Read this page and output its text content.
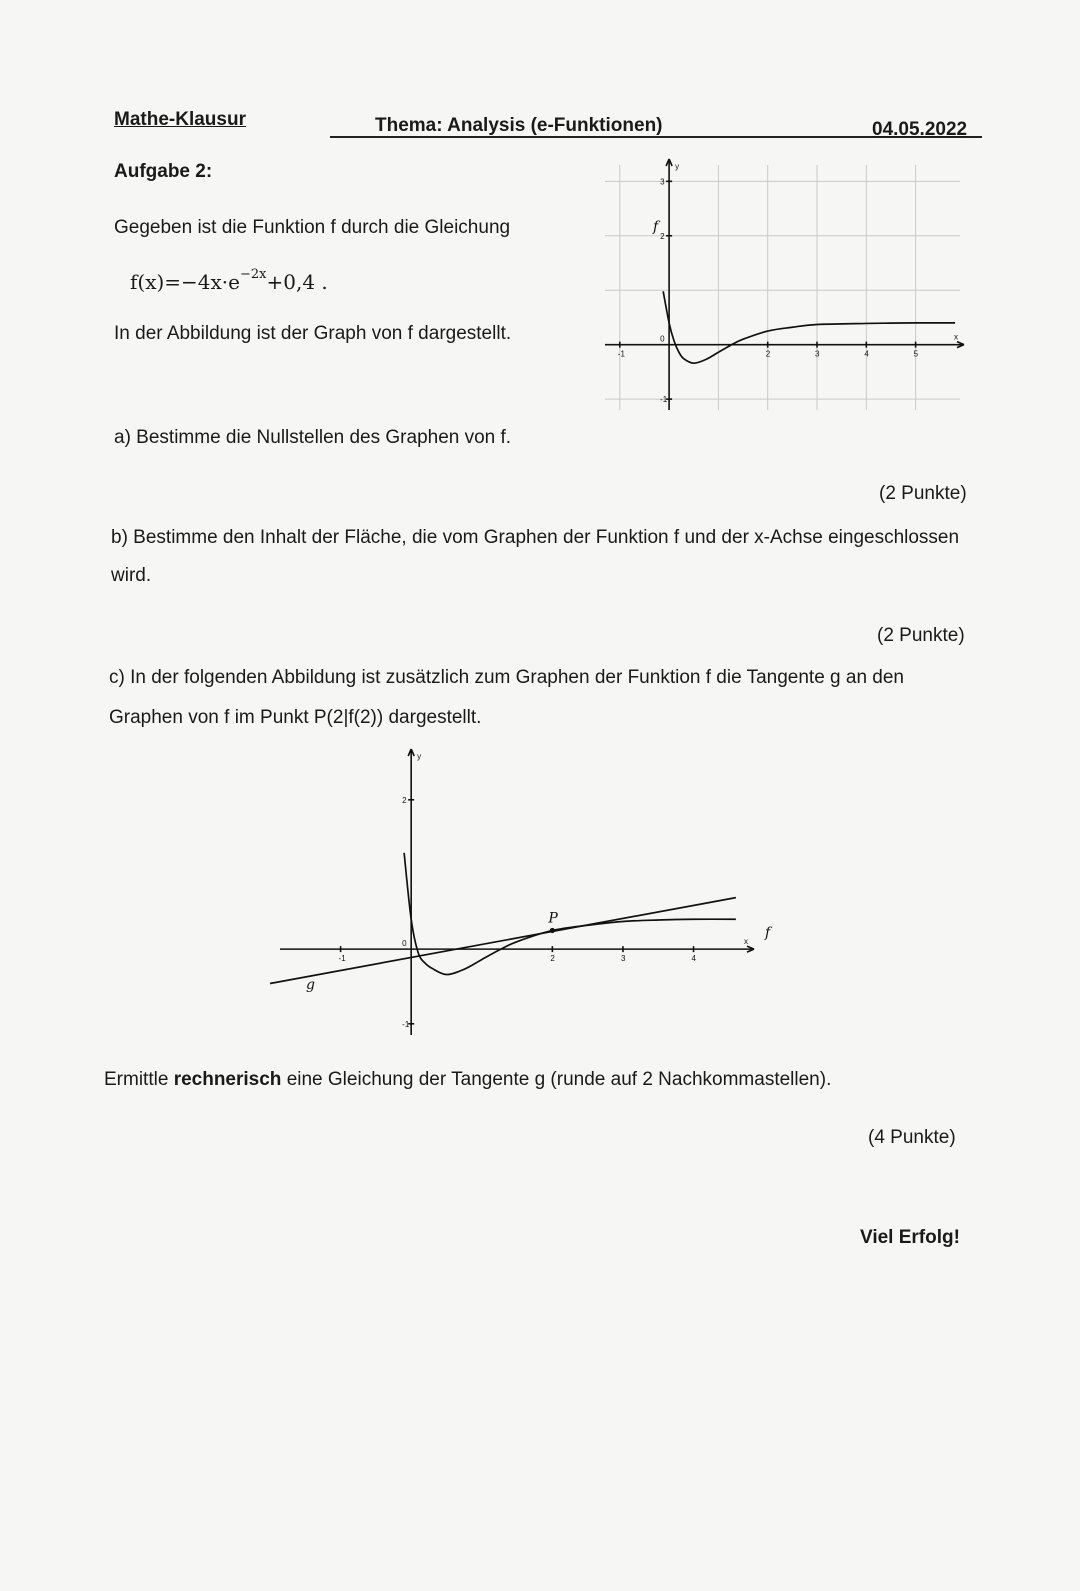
Mathe-Klausur	Thema: Analysis (e-Funktionen)	04.05.2022
Aufgabe 2:
Gegeben ist die Funktion f durch die Gleichung
$f(x)=-4x\cdot e^{-2x}+0,4$ .
In der Abbildung ist der Graph von f dargestellt.	x
y
-1	2	3	4	5
-1
0
2
3
f
a) Bestimme die Nullstellen des Graphen von f.
(2 Punkte)
b) Bestimme den Inhalt der Fläche, die vom Graphen der Funktion f und der x-Achse eingeschlossen
wird.
(2 Punkte)
c) In der folgenden Abbildung ist zusätzlich zum Graphen der Funktion f die Tangente g an den
Graphen von f im Punkt P(2|f(2)) dargestellt.
x
y
-1	2	3	4
-1
0
2
f
g
P
Ermittle rechnerisch eine Gleichung der Tangente g (runde auf 2 Nachkommastellen).
(4 Punkte)
Viel Erfolg!
